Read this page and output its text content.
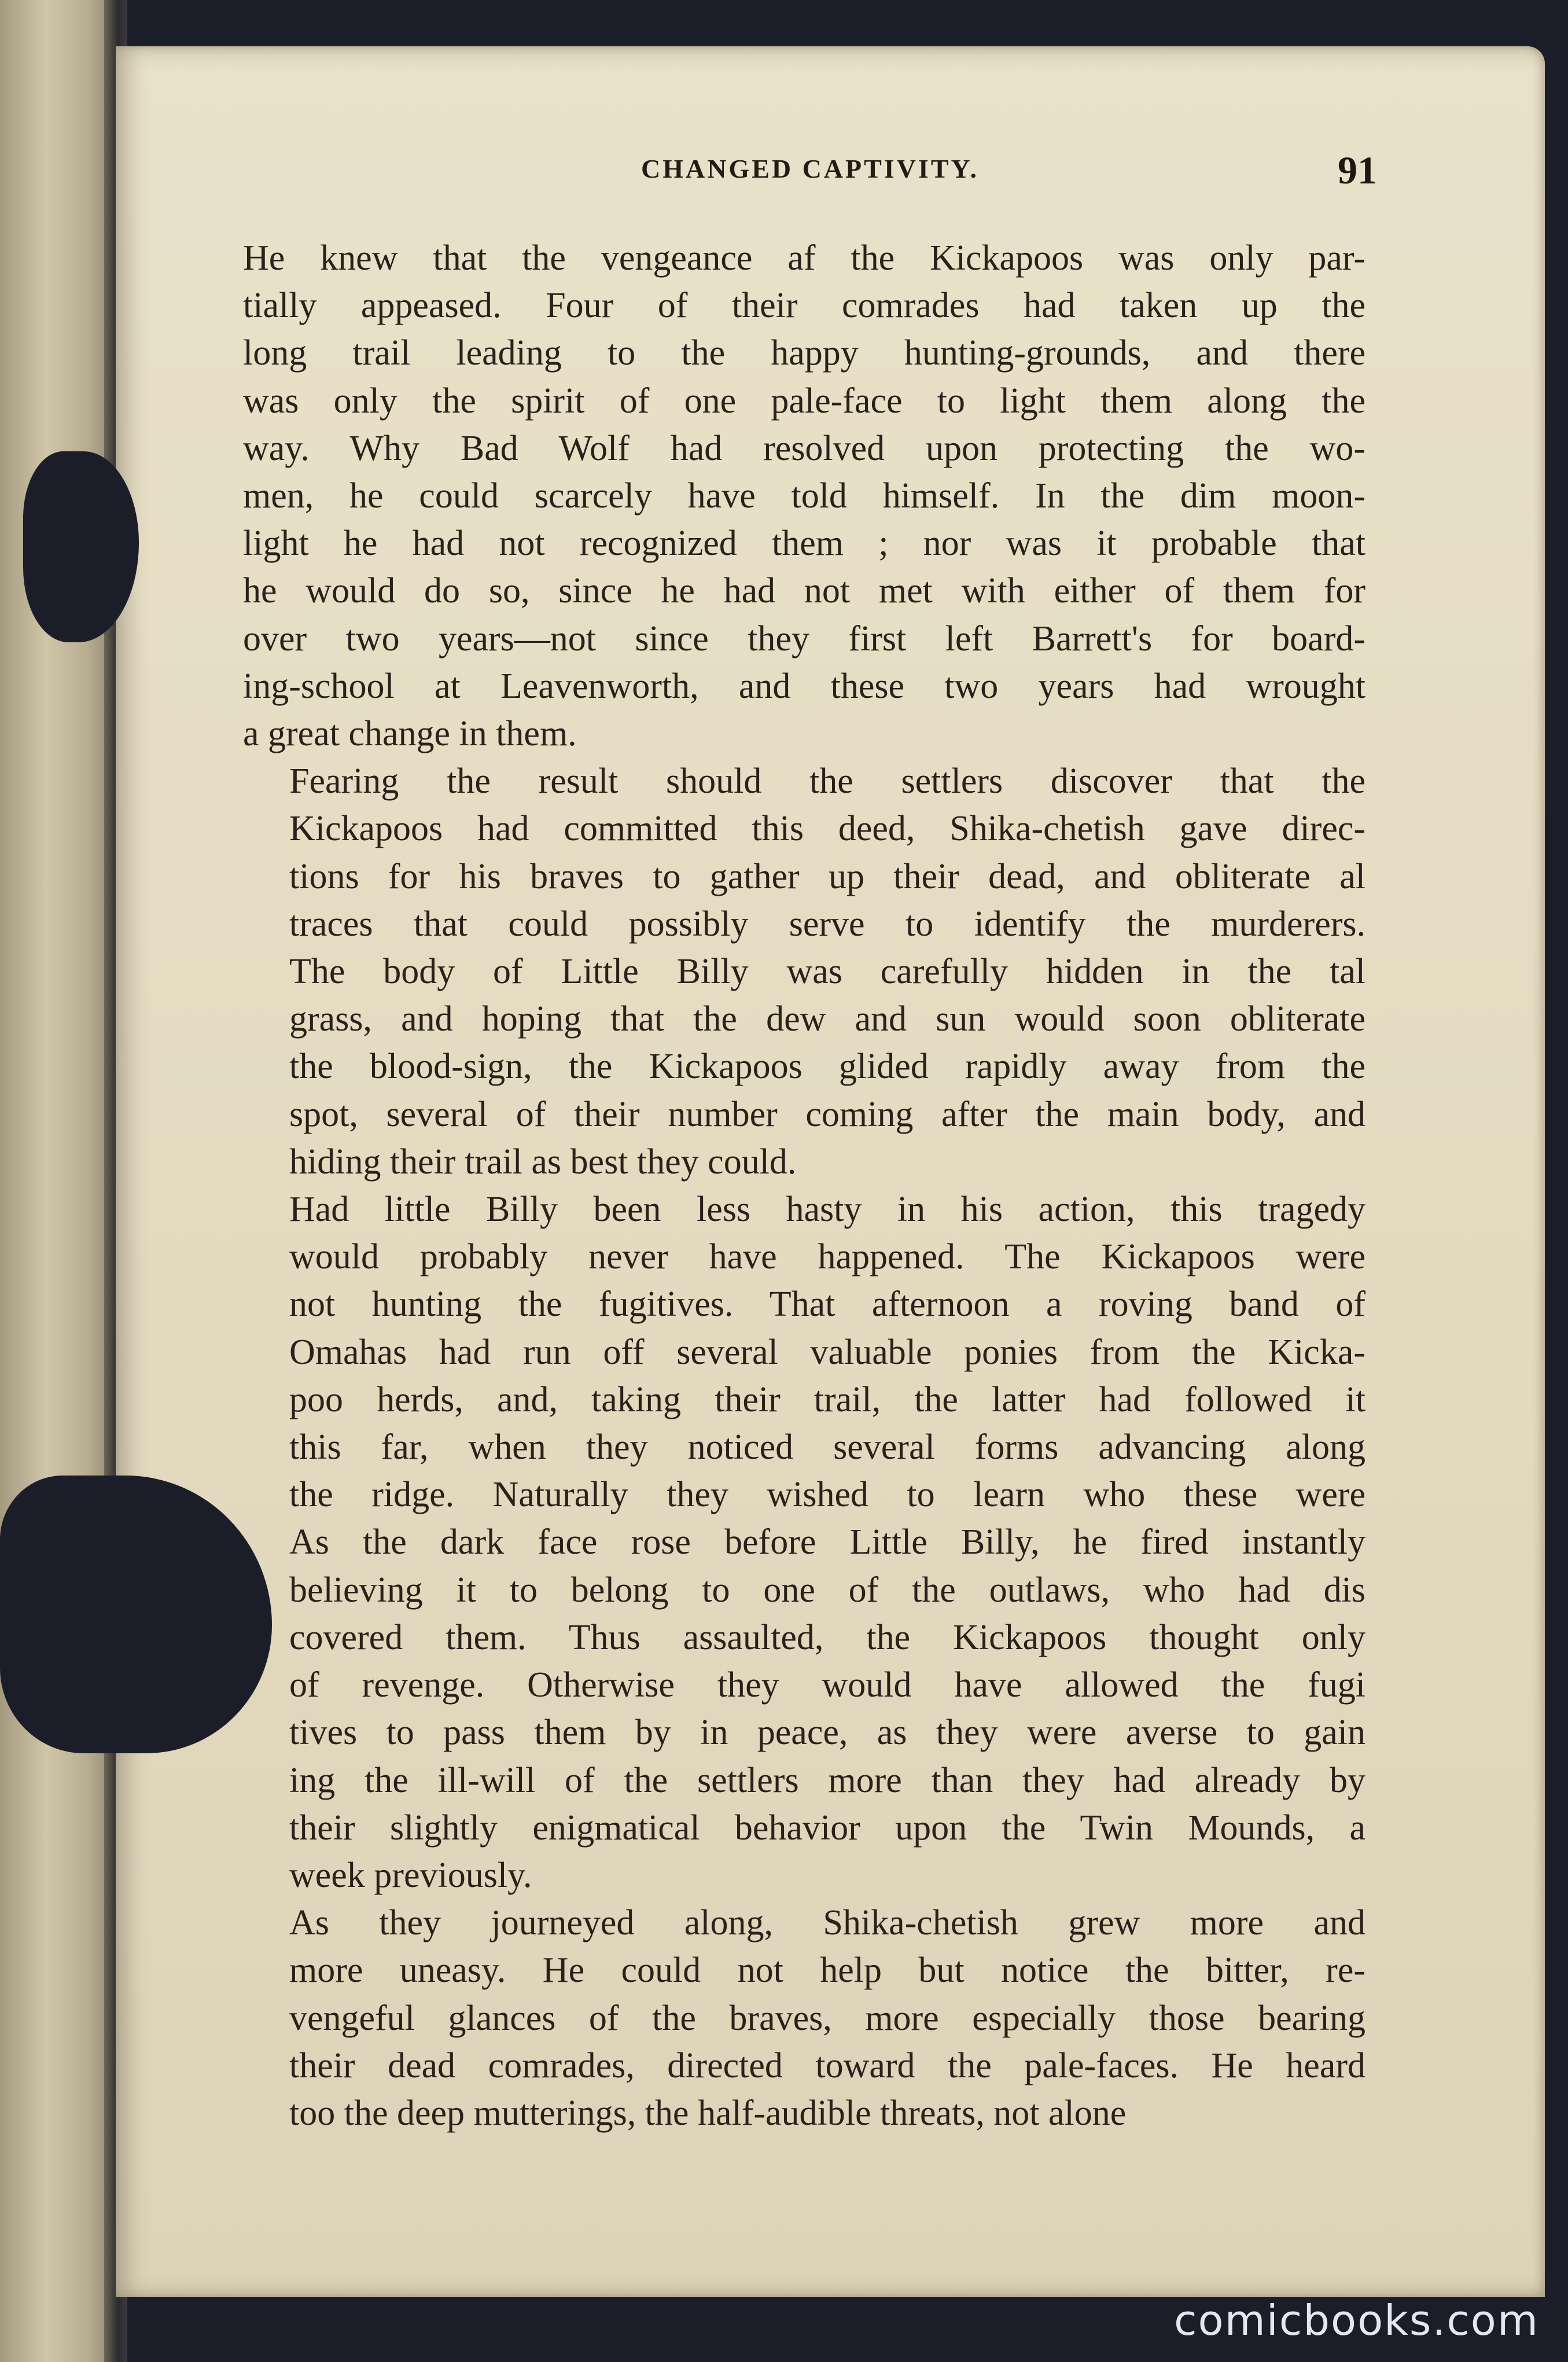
CHANGED CAPTIVITY.	91
He knew that the vengeance af the Kickapoos was only par-
tially appeased. Four of their comrades had taken up the
long trail leading to the happy hunting-grounds, and there
was only the spirit of one pale-face to light them along the
way. Why Bad Wolf had resolved upon protecting the wo-
men, he could scarcely have told himself. In the dim moon-
light he had not recognized them ; nor was it probable that
he would do so, since he had not met with either of them for
over two years—not since they first left Barrett's for board-
ing-school at Leavenworth, and these two years had wrought
a great change in them.
Fearing the result should the settlers discover that the
Kickapoos had committed this deed, Shika-chetish gave direc-
tions for his braves to gather up their dead, and obliterate al
traces that could possibly serve to identify the murderers.
The body of Little Billy was carefully hidden in the tal
grass, and hoping that the dew and sun would soon obliterate
the blood-sign, the Kickapoos glided rapidly away from the
spot, several of their number coming after the main body, and
hiding their trail as best they could.
Had little Billy been less hasty in his action, this tragedy
would probably never have happened. The Kickapoos were
not hunting the fugitives. That afternoon a roving band of
Omahas had run off several valuable ponies from the Kicka-
poo herds, and, taking their trail, the latter had followed it
this far, when they noticed several forms advancing along
the ridge. Naturally they wished to learn who these were
As the dark face rose before Little Billy, he fired instantly
believing it to belong to one of the outlaws, who had dis
covered them. Thus assaulted, the Kickapoos thought only
of revenge. Otherwise they would have allowed the fugi
tives to pass them by in peace, as they were averse to gain
ing the ill-will of the settlers more than they had already by
their slightly enigmatical behavior upon the Twin Mounds, a
week previously.
As they journeyed along, Shika-chetish grew more and
more uneasy. He could not help but notice the bitter, re-
vengeful glances of the braves, more especially those bearing
their dead comrades, directed toward the pale-faces. He heard
too the deep mutterings, the half-audible threats, not alone
comicbooks.com
